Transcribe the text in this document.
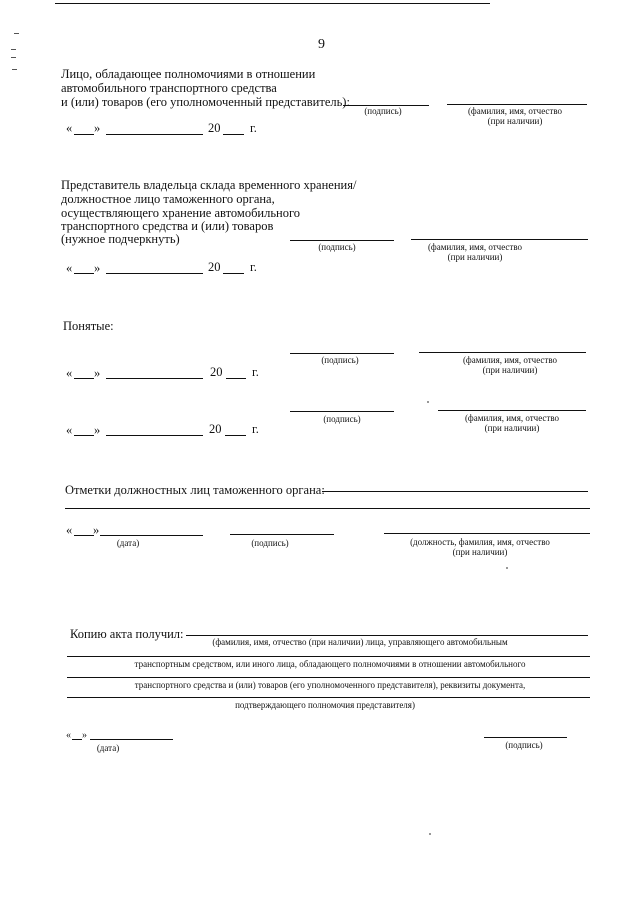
9
Лицо, обладающее полномочиями в отношении
автомобильного транспортного средства
и (или) товаров (его уполномоченный представитель):
(подпись)	(фамилия, имя, отчество
(при наличии)
« »	20 г.
Представитель владельца склада временного хранения/
должностное лицо таможенного органа,
осуществляющего хранение автомобильного
транспортного средства и (или) товаров
(нужное подчеркнуть)
(подпись)	(фамилия, имя, отчество
(при наличии)
« »	20 г.
Понятые:
(подпись)	(фамилия, имя, отчество
(при наличии)
« »	20 г.
(подпись)	(фамилия, имя, отчество
(при наличии)
« »	20 г.
Отметки должностных лиц таможенного органа:
« »
(дата)	(подпись)	(должность, фамилия, имя, отчество
(при наличии)
Копию акта получил:
(фамилия, имя, отчество (при наличии) лица, управляющего автомобильным
транспортным средством, или иного лица, обладающего полномочиями в отношении автомобильного
транспортного средства и (или) товаров (его уполномоченного представителя), реквизиты документа,
подтверждающего полномочия представителя)
« »
(дата)	(подпись)
